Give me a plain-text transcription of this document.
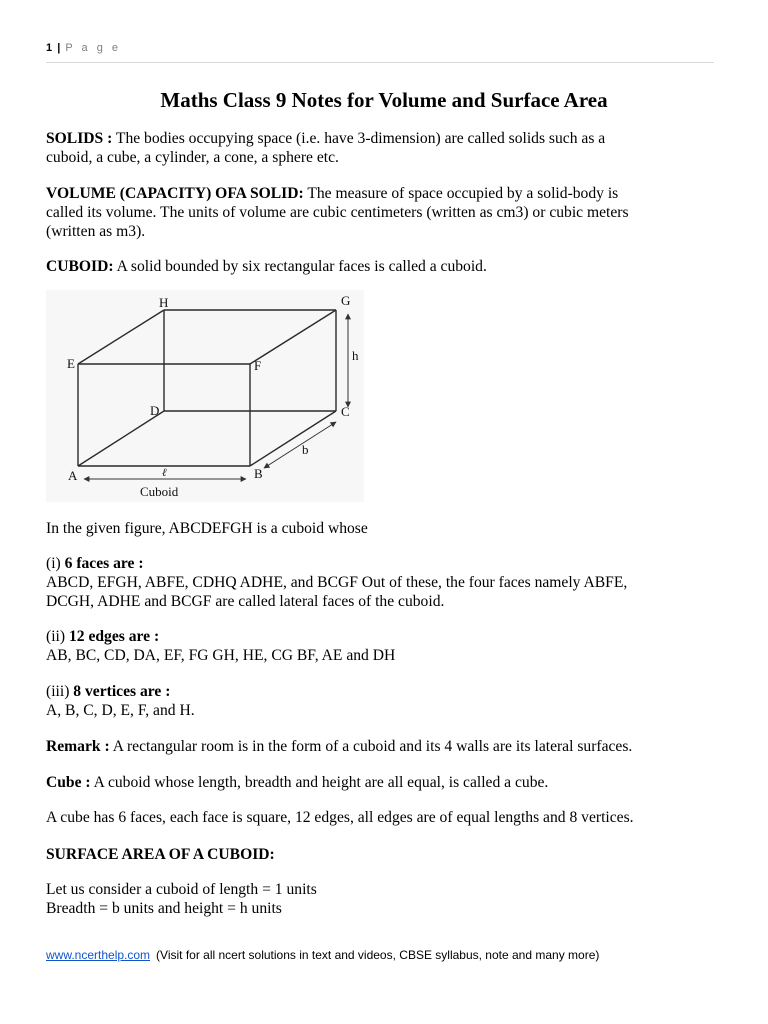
1 | P a g e
Maths Class 9 Notes for Volume and Surface Area
SOLIDS : The bodies occupying space (i.e. have 3-dimension) are called solids such as a
cuboid, a cube, a cylinder, a cone, a sphere etc.
VOLUME (CAPACITY) OFA SOLID: The measure of space occupied by a solid-body is
called its volume. The units of volume are cubic centimeters (written as cm3) or cubic meters
(written as m3).
CUBOID: A solid bounded by six rectangular faces is called a cuboid.
H	G
E	F
D	C
A	B
h
b
ℓ
Cuboid
In the given figure, ABCDEFGH is a cuboid whose
(i) 6 faces are :
ABCD, EFGH, ABFE, CDHQ ADHE, and BCGF Out of these, the four faces namely ABFE,
DCGH, ADHE and BCGF are called lateral faces of the cuboid.
(ii) 12 edges are :
AB, BC, CD, DA, EF, FG GH, HE, CG BF, AE and DH
(iii) 8 vertices are :
A, B, C, D, E, F, and H.
Remark : A rectangular room is in the form of a cuboid and its 4 walls are its lateral surfaces.
Cube : A cuboid whose length, breadth and height are all equal, is called a cube.
A cube has 6 faces, each face is square, 12 edges, all edges are of equal lengths and 8 vertices.
SURFACE AREA OF A CUBOID:
Let us consider a cuboid of length = 1 units
Breadth = b units and height = h units
www.ncerthelp.com (Visit for all ncert solutions in text and videos, CBSE syllabus, note and many more)
